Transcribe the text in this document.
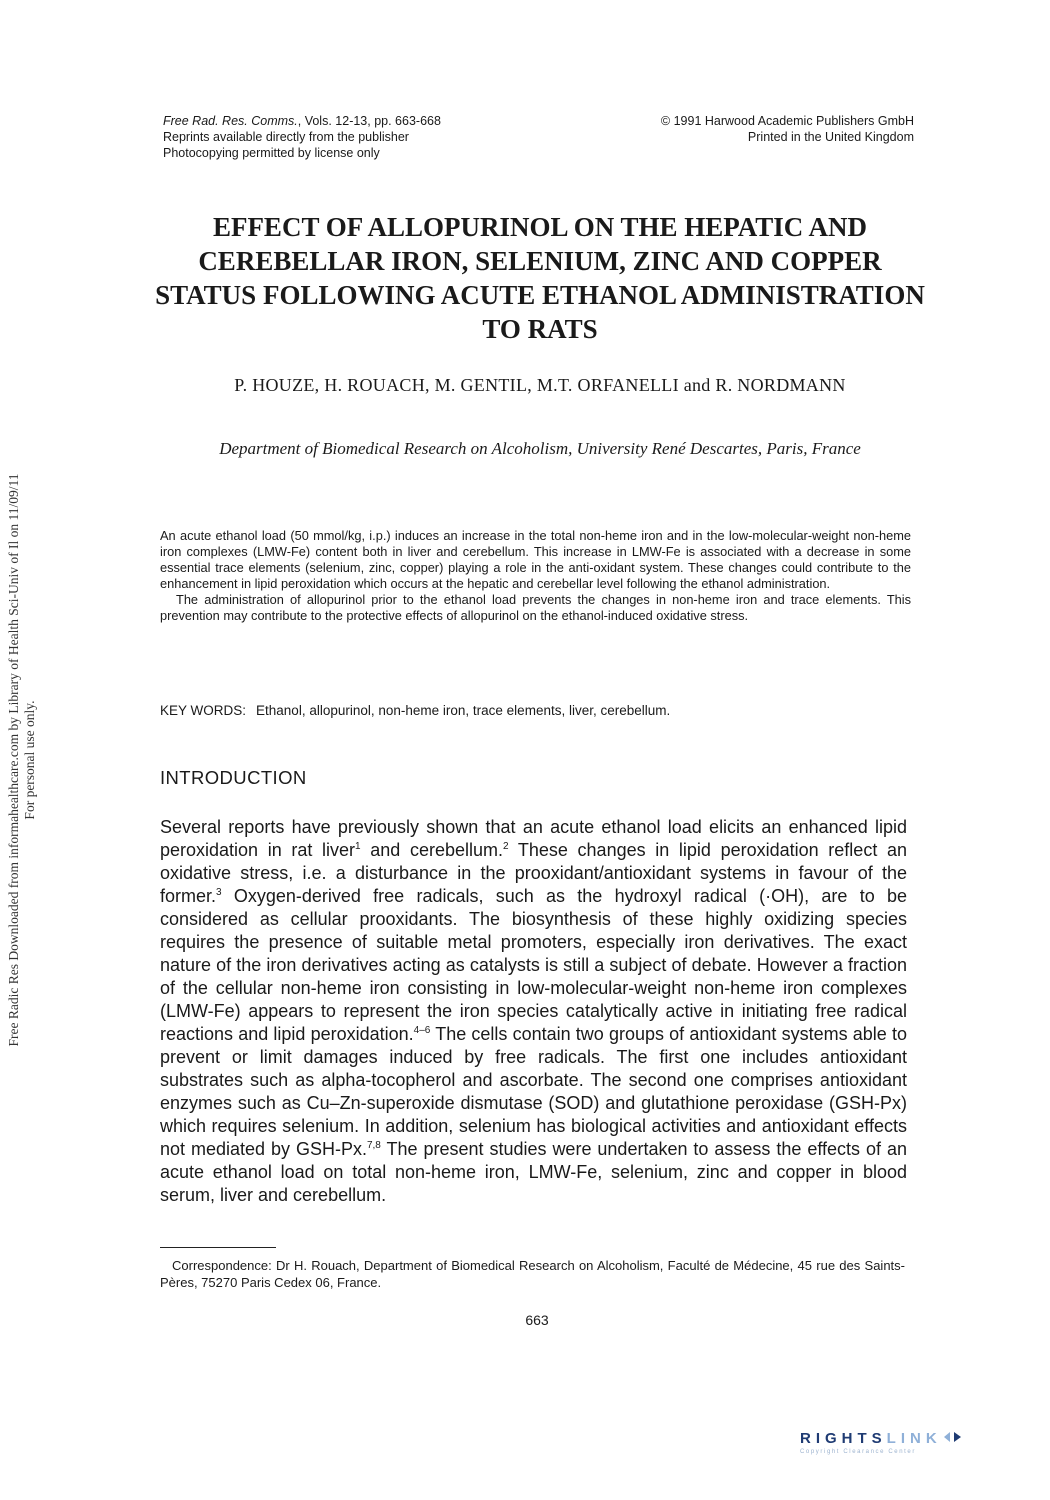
Free Rad. Res. Comms., Vols. 12-13, pp. 663-668
Reprints available directly from the publisher
Photocopying permitted by license only
© 1991 Harwood Academic Publishers GmbH
Printed in the United Kingdom
Free Radic Res Downloaded from informahealthcare.com by Library of Health Sci-Univ of Il on 11/09/11 For personal use only.
EFFECT OF ALLOPURINOL ON THE HEPATIC AND CEREBELLAR IRON, SELENIUM, ZINC AND COPPER STATUS FOLLOWING ACUTE ETHANOL ADMINISTRATION TO RATS
P. HOUZE, H. ROUACH, M. GENTIL, M.T. ORFANELLI and R. NORDMANN
Department of Biomedical Research on Alcoholism, University René Descartes, Paris, France

An acute ethanol load (50 mmol/kg, i.p.) induces an increase in the total non-heme iron and in the low-molecular-weight non-heme iron complexes (LMW-Fe) content both in liver and cerebellum. This increase in LMW-Fe is associated with a decrease in some essential trace elements (selenium, zinc, copper) playing a role in the anti-oxidant system. These changes could contribute to the enhancement in lipid peroxidation which occurs at the hepatic and cerebellar level following the ethanol administration.

The administration of allopurinol prior to the ethanol load prevents the changes in non-heme iron and trace elements. This prevention may contribute to the protective effects of allopurinol on the ethanol-induced oxidative stress.

KEY WORDS: Ethanol, allopurinol, non-heme iron, trace elements, liver, cerebellum.
INTRODUCTION

Several reports have previously shown that an acute ethanol load elicits an enhanced lipid peroxidation in rat liver$^1$ and cerebellum.$^2$ These changes in lipid peroxidation reflect an oxidative stress, i.e. a disturbance in the prooxidant/antioxidant systems in favour of the former.$^3$ Oxygen-derived free radicals, such as the hydroxyl radical (·OH), are to be considered as cellular prooxidants. The biosynthesis of these highly oxidizing species requires the presence of suitable metal promoters, especially iron derivatives. The exact nature of the iron derivatives acting as catalysts is still a subject of debate. However a fraction of the cellular non-heme iron consisting in low-molecular-weight non-heme iron complexes (LMW-Fe) appears to represent the iron species catalytically active in initiating free radical reactions and lipid peroxidation.$^{4-6}$ The cells contain two groups of antioxidant systems able to prevent or limit damages induced by free radicals. The first one includes antioxidant substrates such as alpha-tocopherol and ascorbate. The second one comprises antioxidant enzymes such as Cu–Zn-superoxide dismutase (SOD) and glutathione peroxidase (GSH-Px) which requires selenium. In addition, selenium has biological activities and antioxidant effects not mediated by GSH-Px.$^{7,8}$ The present studies were undertaken to assess the effects of an acute ethanol load on total non-heme iron, LMW-Fe, selenium, zinc and copper in blood serum, liver and cerebellum.

Correspondence: Dr H. Rouach, Department of Biomedical Research on Alcoholism, Faculté de Médecine, 45 rue des Saints-Pères, 75270 Paris Cedex 06, France.

663
RIGHTSLINK
Copyright Clearance Center
